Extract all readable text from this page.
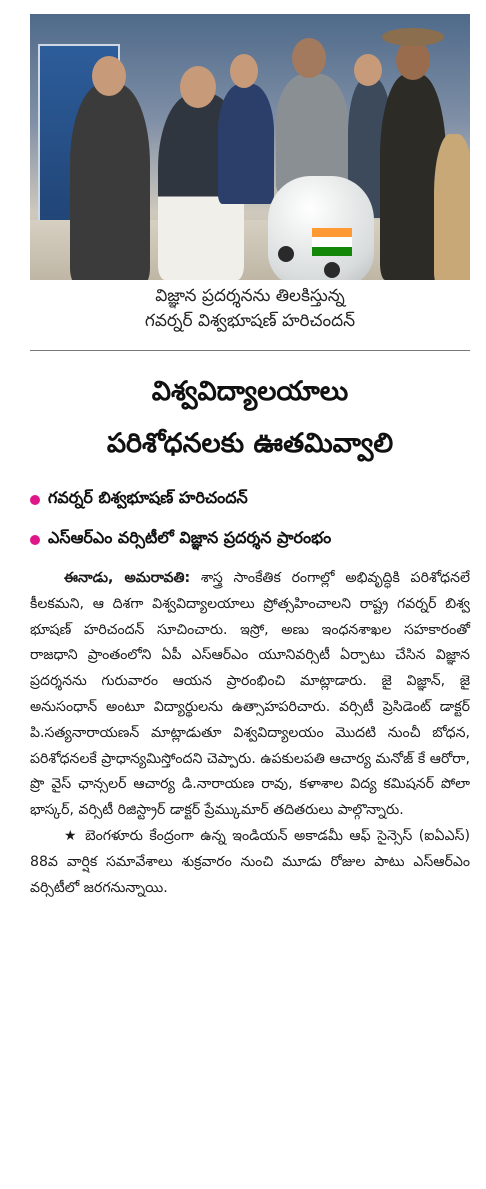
విజ్ఞాన ప్రదర్శనను తిలకిస్తున్న
గవర్నర్ విశ్వభూషణ్ హరిచందన్
విశ్వవిద్యాలయాలు
పరిశోధనలకు ఊతమివ్వాలి
గవర్నర్ బిశ్వభూషణ్ హరిచందన్
ఎస్ఆర్ఎం వర్సిటీలో విజ్ఞాన ప్రదర్శన ప్రారంభం

ఈనాడు, అమరావతి: శాస్త్ర సాంకేతిక రంగాల్లో అభివృద్ధికి పరిశోధనలే కీలకమని, ఆ దిశగా విశ్వవిద్యాలయాలు ప్రోత్సహించాలని రాష్ట్ర గవర్నర్ బిశ్వ భూషణ్ హరిచందన్ సూచించారు. ఇస్రో, అణు ఇంధనశాఖల సహకారంతో రాజధాని ప్రాంతంలోని ఏపీ ఎస్ఆర్ఎం యూనివర్సిటీ ఏర్పాటు చేసిన విజ్ఞాన ప్రదర్శనను గురువారం ఆయన ప్రారంభించి మాట్లాడారు. జై విజ్ఞాన్, జై అనుసంధాన్ అంటూ విద్యార్థులను ఉత్సాహపరిచారు. వర్సిటీ ప్రెసిడెంట్ డాక్టర్ పి.సత్యనారాయణన్ మాట్లాడుతూ విశ్వవిద్యాలయం మొదటి నుంచీ బోధన, పరిశోధనలకే ప్రాధాన్యమిస్తోందని చెప్పారు. ఉపకులపతి ఆచార్య మనోజ్ కే ఆరోరా, ప్రొ వైస్ ఛాన్సలర్ ఆచార్య డి.నారాయణ రావు, కళాశాల విద్య కమిషనర్ పోలా భాస్కర్, వర్సిటీ రిజిస్ట్రార్ డాక్టర్ ప్రేమ్కుమార్ తదితరులు పాల్గొన్నారు.

★ బెంగళూరు కేంద్రంగా ఉన్న ఇండియన్ అకాడమీ ఆఫ్ సైన్సెస్ (ఐఏఎస్) 88వ వార్షిక సమావేశాలు శుక్రవారం నుంచి మూడు రోజుల పాటు ఎస్ఆర్ఎం వర్సిటీలో జరగనున్నాయి.
